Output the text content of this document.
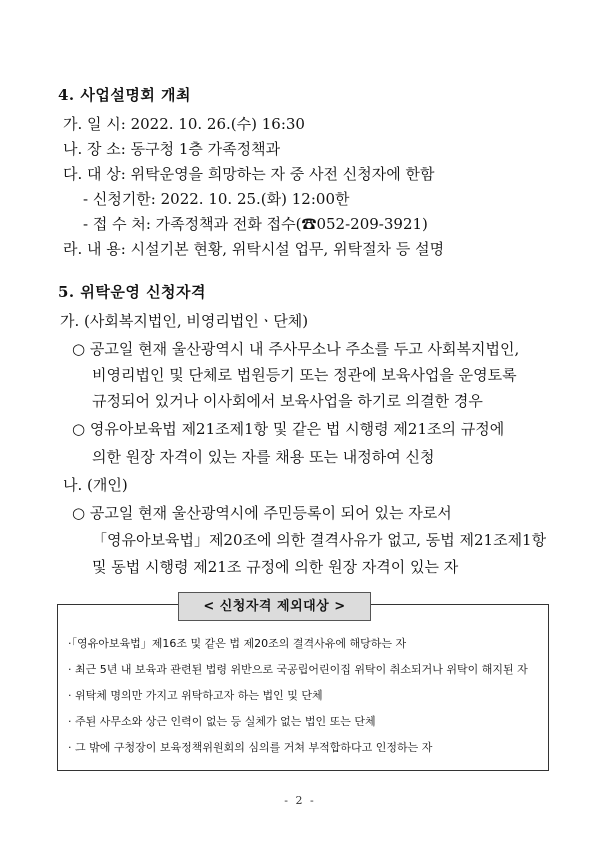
4. 사업설명회 개최
가. 일 시: 2022. 10. 26.(수) 16:30
나. 장 소: 동구청 1층 가족정책과
다. 대 상: 위탁운영을 희망하는 자 중 사전 신청자에 한함
- 신청기한: 2022. 10. 25.(화) 12:00한
- 접 수 처: 가족정책과 전화 접수(☎052-209-3921)
라. 내 용: 시설기본 현황, 위탁시설 업무, 위탁절차 등 설명
5. 위탁운영 신청자격
가. (사회복지법인, 비영리법인ㆍ단체)
○ 공고일 현재 울산광역시 내 주사무소나 주소를 두고 사회복지법인,
비영리법인 및 단체로 법원등기 또는 정관에 보육사업을 운영토록
규정되어 있거나 이사회에서 보육사업을 하기로 의결한 경우
○ 영유아보육법 제21조제1항 및 같은 법 시행령 제21조의 규정에
의한 원장 자격이 있는 자를 채용 또는 내정하여 신청
나. (개인)
○ 공고일 현재 울산광역시에 주민등록이 되어 있는 자로서
「영유아보육법」제20조에 의한 결격사유가 없고, 동법 제21조제1항
및 동법 시행령 제21조 규정에 의한 원장 자격이 있는 자
< 신청자격 제외대상 >
·「영유아보육법」제16조 및 같은 법 제20조의 결격사유에 해당하는 자
· 최근 5년 내 보육과 관련된 법령 위반으로 국공립어린이집 위탁이 취소되거나 위탁이 해지된 자
· 위탁체 명의만 가지고 위탁하고자 하는 법인 및 단체
· 주된 사무소와 상근 인력이 없는 등 실체가 없는 법인 또는 단체
· 그 밖에 구청장이 보육정책위원회의 심의를 거쳐 부적합하다고 인정하는 자
- 2 -
